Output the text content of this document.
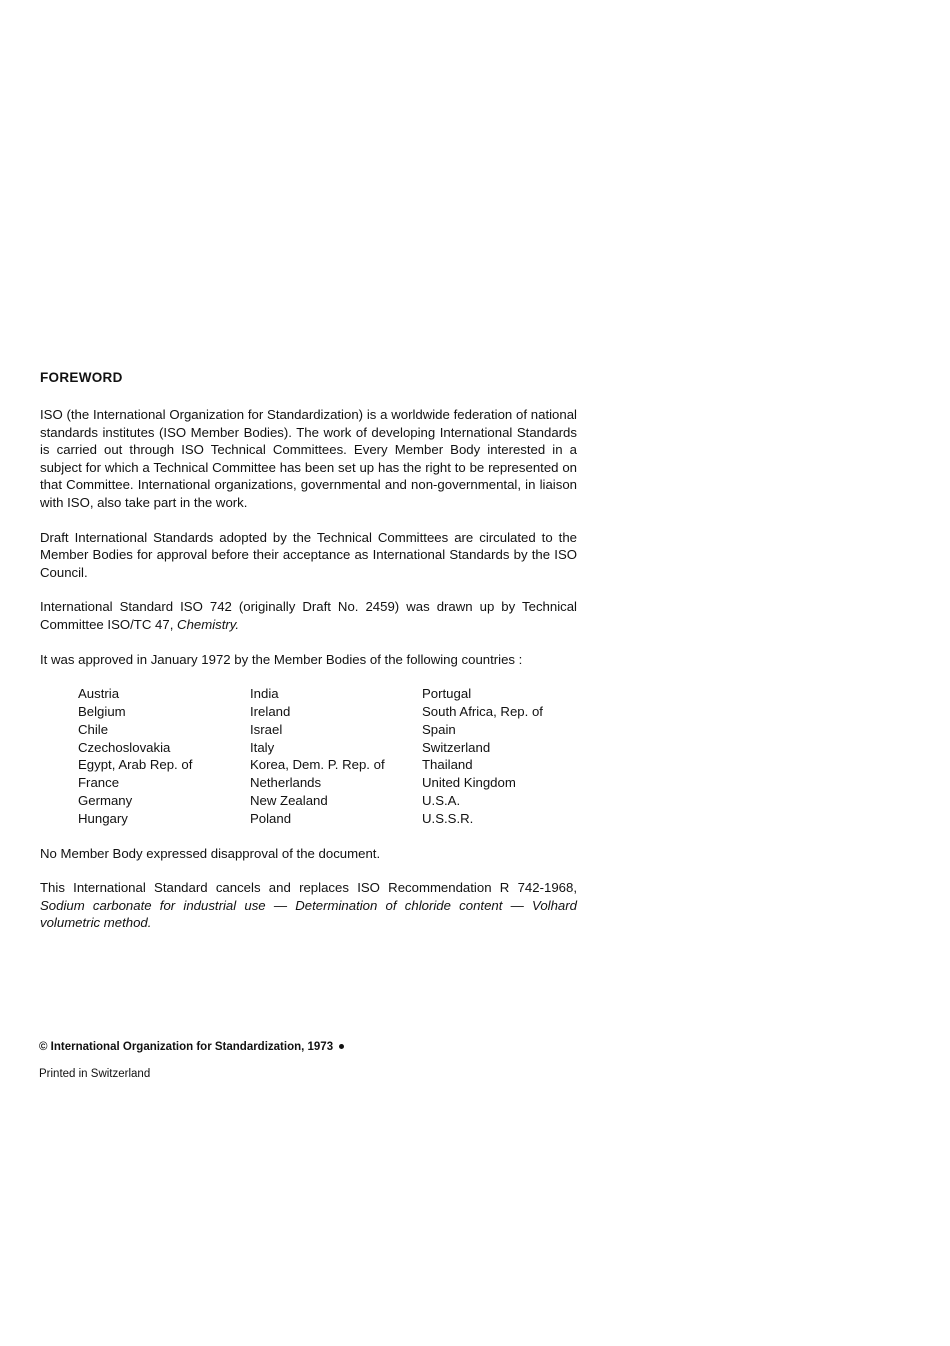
FOREWORD

ISO (the International Organization for Standardization) is a worldwide federation of national standards institutes (ISO Member Bodies). The work of developing International Standards is carried out through ISO Technical Committees. Every Member Body interested in a subject for which a Technical Committee has been set up has the right to be represented on that Committee. International organizations, governmental and non-governmental, in liaison with ISO, also take part in the work.

Draft International Standards adopted by the Technical Committees are circulated to the Member Bodies for approval before their acceptance as International Standards by the ISO Council.

International Standard ISO 742 (originally Draft No. 2459) was drawn up by Technical Committee ISO/TC 47, Chemistry.

It was approved in January 1972 by the Member Bodies of the following countries :

Austria
Belgium
Chile
Czechoslovakia
Egypt, Arab Rep. of
France
Germany
Hungary
India
Ireland
Israel
Italy
Korea, Dem. P. Rep. of
Netherlands
New Zealand
Poland
Portugal
South Africa, Rep. of
Spain
Switzerland
Thailand
United Kingdom
U.S.A.
U.S.S.R.

No Member Body expressed disapproval of the document.

This International Standard cancels and replaces ISO Recommendation R 742-1968, Sodium carbonate for industrial use — Determination of chloride content — Volhard volumetric method.

© International Organization for Standardization, 1973
Printed in Switzerland
